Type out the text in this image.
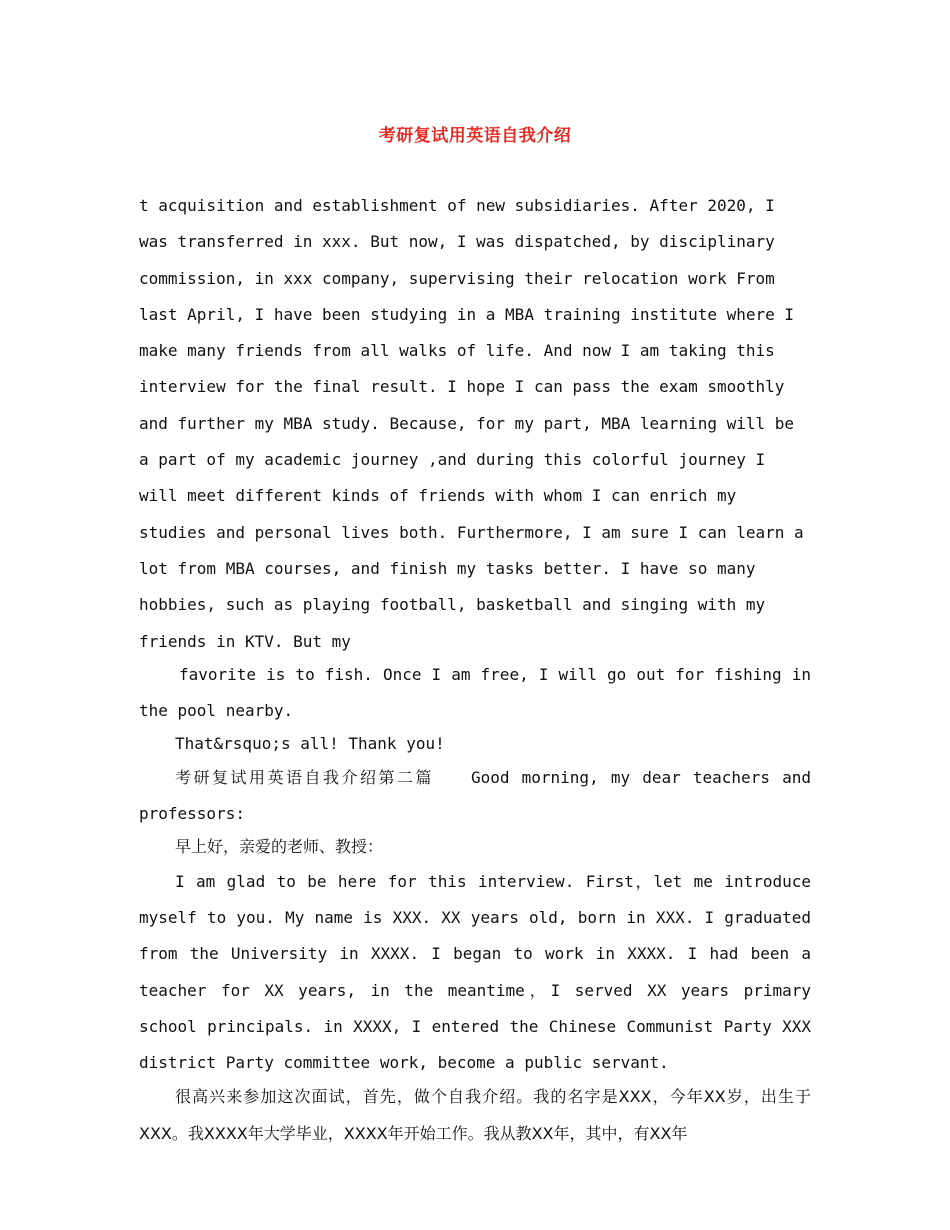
考研复试用英语自我介绍

t acquisition and establishment of new subsidiaries. After 2020, I was transferred in xxx. But now, I was dispatched, by disciplinary commission, in xxx company, supervising their relocation work From last April, I have been studying in a MBA training institute where I make many friends from all walks of life. And now I am taking this interview for the final result. I hope I can pass the exam smoothly and further my MBA study. Because, for my part, MBA learning will be a part of my academic journey ,and during this colorful journey I will meet different kinds of friends with whom I can enrich my studies and personal lives both. Furthermore, I am sure I can learn a lot from MBA courses, and finish my tasks better. I have so many hobbies, such as playing football, basketball and singing with my friends in KTV. But my

favorite is to fish. Once I am free, I will go out for fishing in the pool nearby.

That&rsquo;s all! Thank you!

考研复试用英语自我介绍第二篇　　Good morning, my dear teachers and professors:

早上好，亲爱的老师、教授：

I am glad to be here for this interview. First，let me introduce myself to you. My name is XXX. XX years old, born in XXX. I graduated from the University in XXXX. I began to work in XXXX. I had been a teacher for XX years, in the meantime，I served XX years primary school principals. in XXXX, I entered the Chinese Communist Party XXX district Party committee work, become a public servant.

很高兴来参加这次面试，首先，做个自我介绍。我的名字是XXX，今年XX岁，出生于XXX。我XXXX年大学毕业，XXXX年开始工作。我从教XX年，其中，有XX年
